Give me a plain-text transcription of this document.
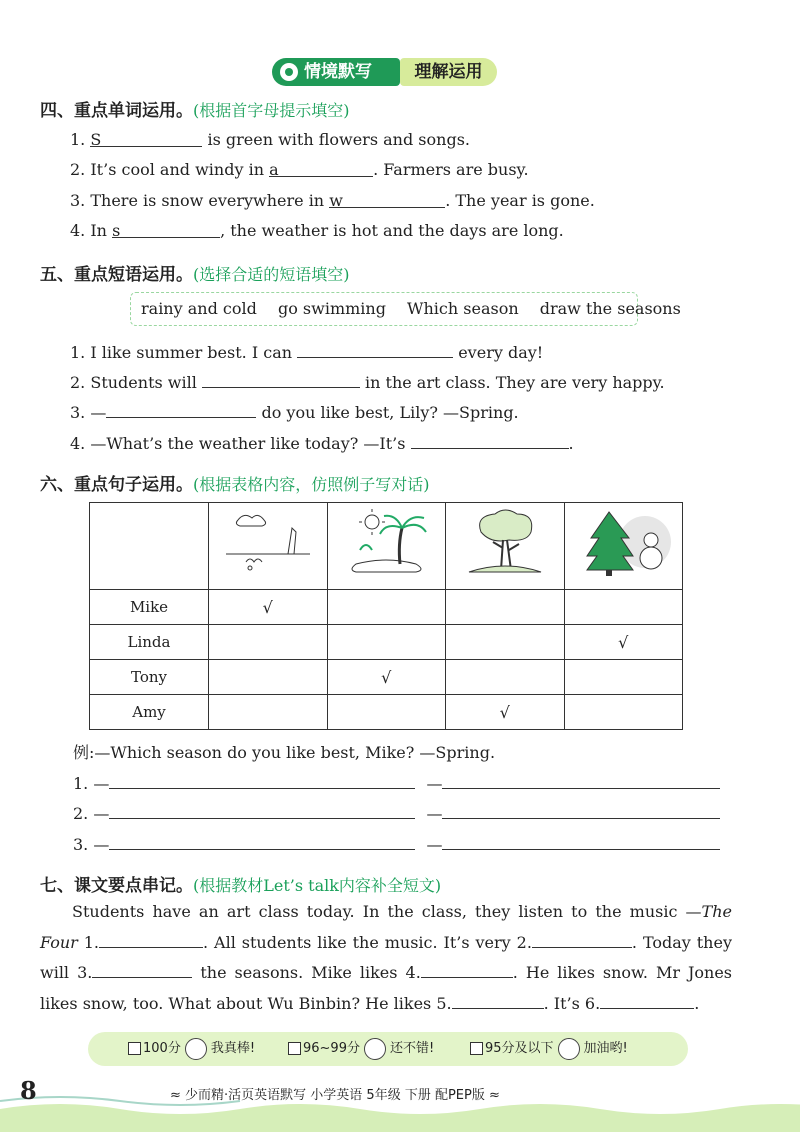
情境默写	理解运用
四、重点单词运用。(根据首字母提示填空)
1. S	is green with flowers and songs.
2. It’s cool and windy in a	. Farmers are busy.
3. There is snow everywhere in w	. The year is gone.
4. In s	, the weather is hot and the days are long.
五、重点短语运用。(选择合适的短语填空)
rainy and cold go swimming Which season draw the seasons
1. I like summer best. I can	every day!
2. Students will	in the art class. They are very happy.
3. —	do you like best, Lily? —Spring.
4. —What’s the weather like today? —It’s	.
六、重点句子运用。(根据表格内容，仿照例子写对话)

Mike	√			
Linda				√
Tony		√		
Amy			√	
例:—Which season do you like best, Mike? —Spring.
1. —	—
2. —	—
3. —	—
七、课文要点串记。(根据教材Let’s talk内容补全短文)
Students have an art class today. In the class, they listen to the music —The Four 1.	. All students like the music. It’s very 2.	. Today they will 3.	the seasons. Mike likes 4.	. He likes snow. Mr Jones likes snow, too. What about Wu Binbin? He likes 5.	. It’s 6.	.
100分 我真棒!	96~99分 还不错!	95分及以下 加油哟!
8	≈ 少而精·活页英语默写 小学英语 5年级 下册 配PEP版 ≈
